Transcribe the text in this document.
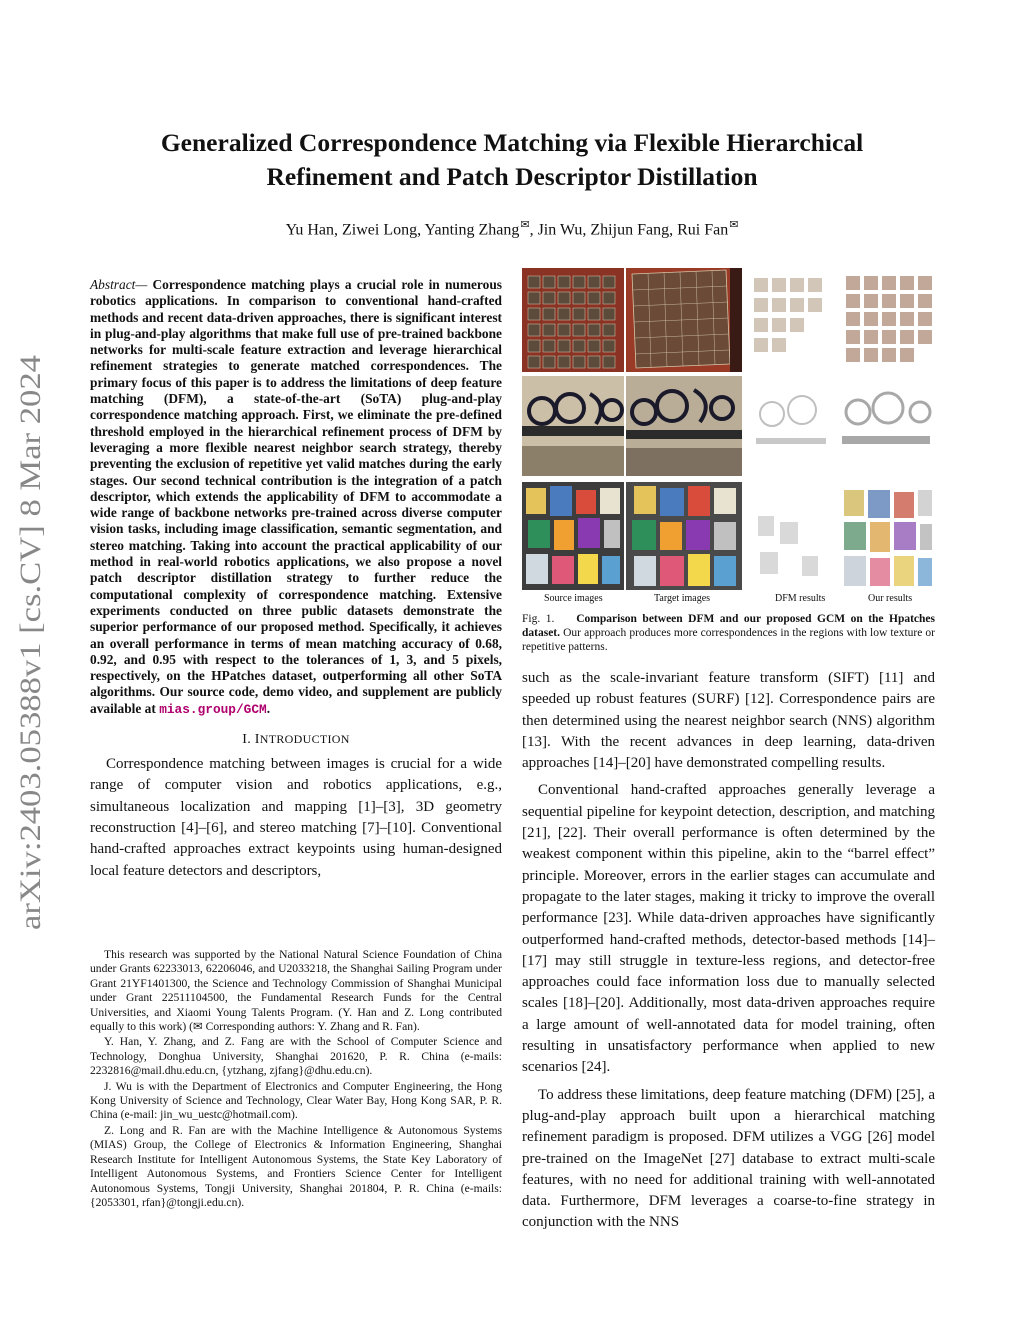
arXiv:2403.05388v1 [cs.CV] 8 Mar 2024
Generalized Correspondence Matching via Flexible Hierarchical
Refinement and Patch Descriptor Distillation
Yu Han, Ziwei Long, Yanting Zhang✉, Jin Wu, Zhijun Fang, Rui Fan✉

Abstract— Correspondence matching plays a crucial role in numerous robotics applications. In comparison to conventional hand-crafted methods and recent data-driven approaches, there is significant interest in plug-and-play algorithms that make full use of pre-trained backbone networks for multi-scale feature extraction and leverage hierarchical refinement strategies to generate matched correspondences. The primary focus of this paper is to address the limitations of deep feature matching (DFM), a state-of-the-art (SoTA) plug-and-play correspondence matching approach. First, we eliminate the pre-defined threshold employed in the hierarchical refinement process of DFM by leveraging a more flexible nearest neighbor search strategy, thereby preventing the exclusion of repetitive yet valid matches during the early stages. Our second technical contribution is the integration of a patch descriptor, which extends the applicability of DFM to accommodate a wide range of backbone networks pre-trained across diverse computer vision tasks, including image classification, semantic segmentation, and stereo matching. Taking into account the practical applicability of our method in real-world robotics applications, we also propose a novel patch descriptor distillation strategy to further reduce the computational complexity of correspondence matching. Extensive experiments conducted on three public datasets demonstrate the superior performance of our proposed method. Specifically, it achieves an overall performance in terms of mean matching accuracy of 0.68, 0.92, and 0.95 with respect to the tolerances of 1, 3, and 5 pixels, respectively, on the HPatches dataset, outperforming all other SoTA algorithms. Our source code, demo video, and supplement are publicly available at mias.group/GCM.

I. INTRODUCTION

Correspondence matching between images is crucial for a wide range of computer vision and robotics applications, e.g., simultaneous localization and mapping [1]–[3], 3D geometry reconstruction [4]–[6], and stereo matching [7]–[10]. Conventional hand-crafted approaches extract keypoints using human-designed local feature detectors and descriptors,

This research was supported by the National Natural Science Foundation of China under Grants 62233013, 62206046, and U2033218, the Shanghai Sailing Program under Grant 21YF1401300, the Science and Technology Commission of Shanghai Municipal under Grant 22511104500, the Fundamental Research Funds for the Central Universities, and Xiaomi Young Talents Program. (Y. Han and Z. Long contributed equally to this work) (✉ Corresponding authors: Y. Zhang and R. Fan).

Y. Han, Y. Zhang, and Z. Fang are with the School of Computer Science and Technology, Donghua University, Shanghai 201620, P. R. China (e-mails: 2232816@mail.dhu.edu.cn, {ytzhang, zjfang}@dhu.edu.cn).

J. Wu is with the Department of Electronics and Computer Engineering, the Hong Kong University of Science and Technology, Clear Water Bay, Hong Kong SAR, P. R. China (e-mail: jin_wu_uestc@hotmail.com).

Z. Long and R. Fan are with the Machine Intelligence & Autonomous Systems (MIAS) Group, the College of Electronics & Information Engineering, Shanghai Research Institute for Intelligent Autonomous Systems, the State Key Laboratory of Intelligent Autonomous Systems, and Frontiers Science Center for Intelligent Autonomous Systems, Tongji University, Shanghai 201804, P. R. China (e-mails: {2053301, rfan}@tongji.edu.cn).

Source images	Target images	DFM results	Our results
Fig. 1. Comparison between DFM and our proposed GCM on the Hpatches dataset. Our approach produces more correspondences in the regions with low texture or repetitive patterns.

such as the scale-invariant feature transform (SIFT) [11] and speeded up robust features (SURF) [12]. Correspondence pairs are then determined using the nearest neighbor search (NNS) algorithm [13]. With the recent advances in deep learning, data-driven approaches [14]–[20] have demonstrated compelling results.

Conventional hand-crafted approaches generally leverage a sequential pipeline for keypoint detection, description, and matching [21], [22]. Their overall performance is often determined by the weakest component within this pipeline, akin to the “barrel effect” principle. Moreover, errors in the earlier stages can accumulate and propagate to the later stages, making it tricky to improve the overall performance [23]. While data-driven approaches have significantly outperformed hand-crafted methods, detector-based methods [14]–[17] may still struggle in texture-less regions, and detector-free approaches could face information loss due to manually selected scales [18]–[20]. Additionally, most data-driven approaches require a large amount of well-annotated data for model training, often resulting in unsatisfactory performance when applied to new scenarios [24].

To address these limitations, deep feature matching (DFM) [25], a plug-and-play approach built upon a hierarchical matching refinement paradigm is proposed. DFM utilizes a VGG [26] model pre-trained on the ImageNet [27] database to extract multi-scale features, with no need for additional training with well-annotated data. Furthermore, DFM leverages a coarse-to-fine strategy in conjunction with the NNS
